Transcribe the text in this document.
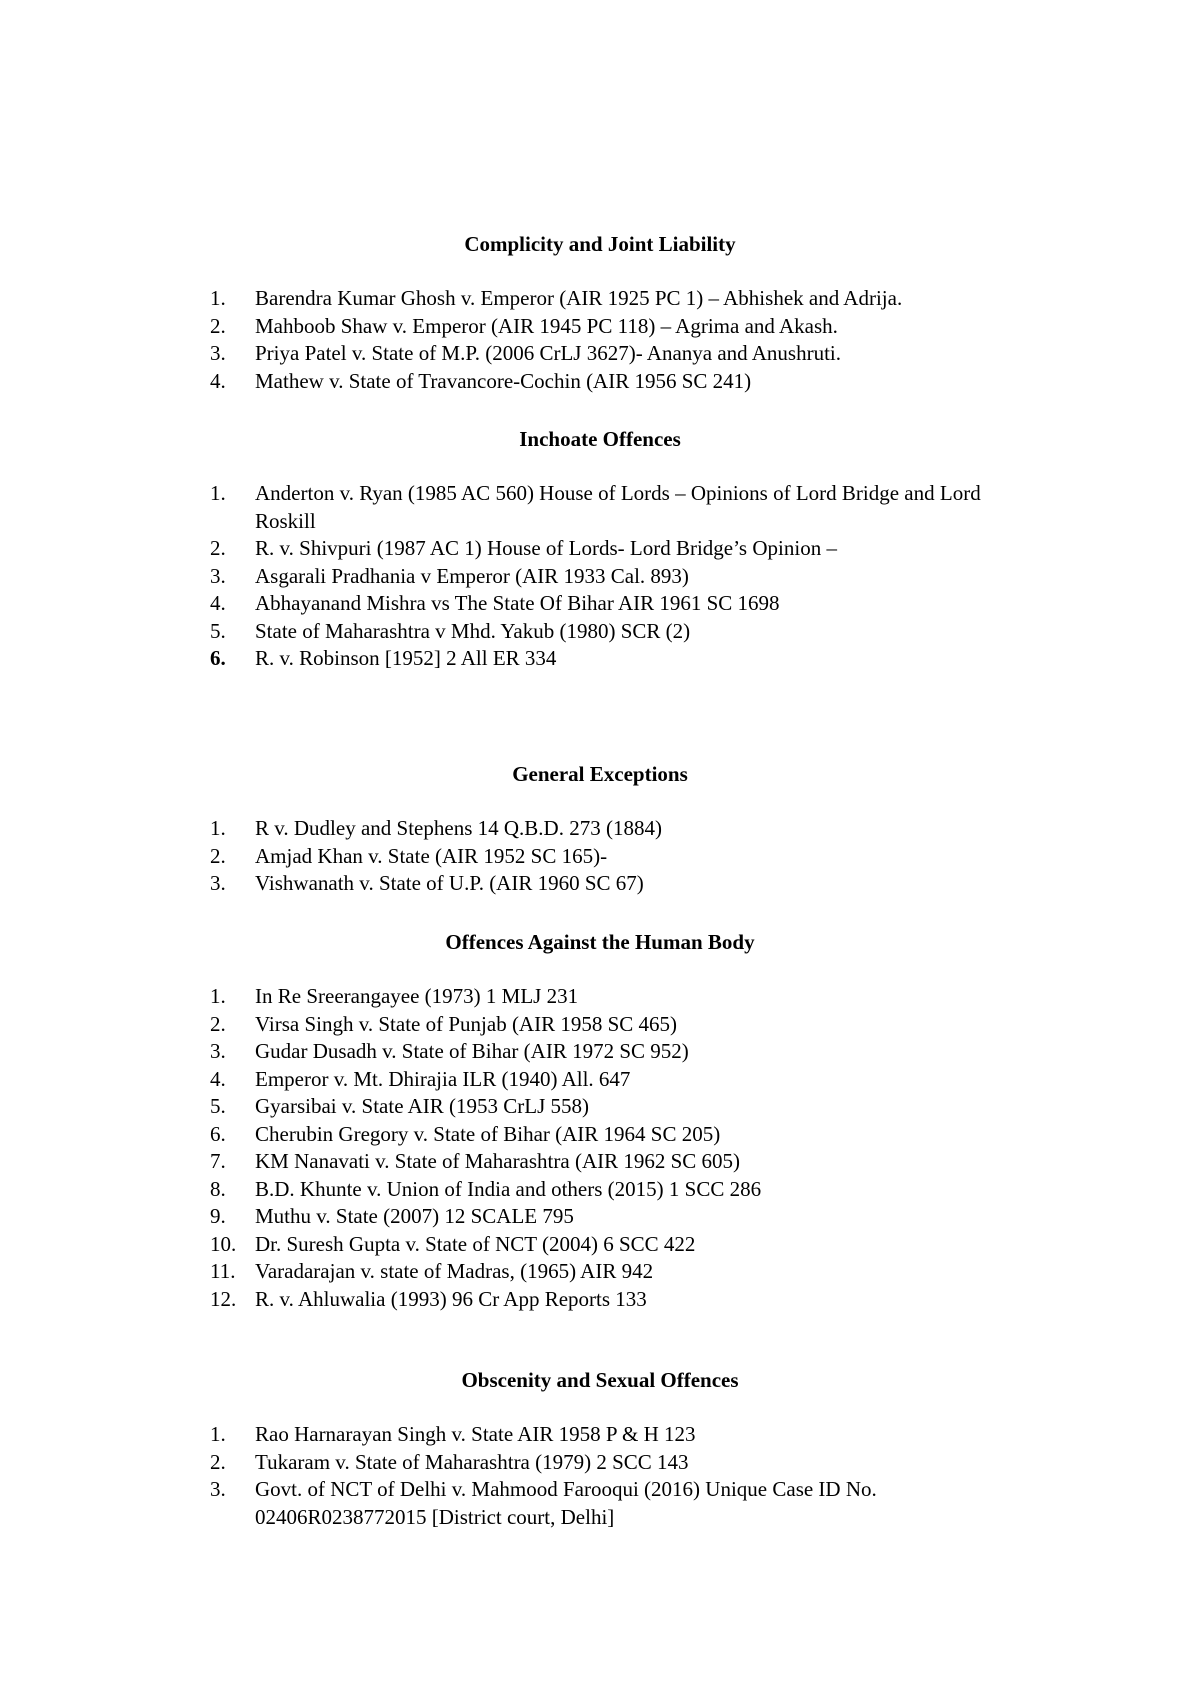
Complicity and Joint Liability
1.	Barendra Kumar Ghosh v. Emperor (AIR 1925 PC 1) – Abhishek and Adrija.
2.	Mahboob Shaw v. Emperor (AIR 1945 PC 118) – Agrima and Akash.
3.	Priya Patel v. State of M.P. (2006 CrLJ 3627)- Ananya and Anushruti.
4.	Mathew v. State of Travancore-Cochin (AIR 1956 SC 241)
Inchoate Offences
1.	Anderton v. Ryan (1985 AC 560) House of Lords – Opinions of Lord Bridge and Lord Roskill
2.	R. v. Shivpuri (1987 AC 1) House of Lords- Lord Bridge’s Opinion –
3.	Asgarali Pradhania v Emperor (AIR 1933 Cal. 893)
4.	Abhayanand Mishra vs The State Of Bihar AIR 1961 SC 1698
5.	State of Maharashtra v Mhd. Yakub (1980) SCR (2)
6.	R. v. Robinson [1952] 2 All ER 334
General Exceptions
1.	R v. Dudley and Stephens 14 Q.B.D. 273 (1884)
2.	Amjad Khan v. State (AIR 1952 SC 165)-
3.	Vishwanath v. State of U.P. (AIR 1960 SC 67)
Offences Against the Human Body
1.	In Re Sreerangayee (1973) 1 MLJ 231
2.	Virsa Singh v. State of Punjab (AIR 1958 SC 465)
3.	Gudar Dusadh v. State of Bihar (AIR 1972 SC 952)
4.	Emperor v. Mt. Dhirajia ILR (1940) All. 647
5.	Gyarsibai v. State AIR (1953 CrLJ 558)
6.	Cherubin Gregory v. State of Bihar (AIR 1964 SC 205)
7.	KM Nanavati v. State of Maharashtra (AIR 1962 SC 605)
8.	B.D. Khunte v. Union of India and others (2015) 1 SCC 286
9.	Muthu v. State (2007) 12 SCALE 795
10. Dr. Suresh Gupta v. State of NCT (2004) 6 SCC 422
11. Varadarajan v. state of Madras, (1965) AIR 942
12. R. v. Ahluwalia (1993) 96 Cr App Reports 133
Obscenity and Sexual Offences
1.	Rao Harnarayan Singh v. State AIR 1958 P & H 123
2.	Tukaram v. State of Maharashtra (1979) 2 SCC 143
3.	Govt. of NCT of Delhi v. Mahmood Farooqui (2016) Unique Case ID No. 02406R0238772015 [District court, Delhi]
